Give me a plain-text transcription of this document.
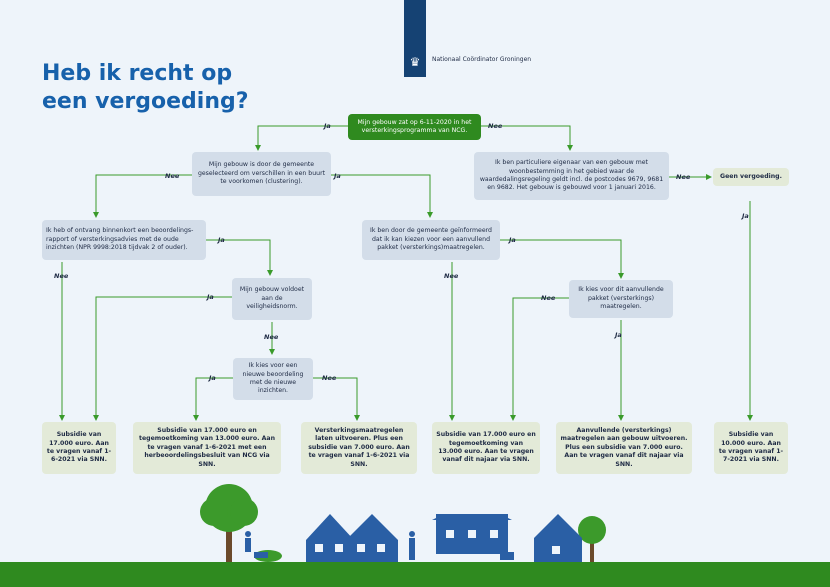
♛	Nationaal Coördinator Groningen
Heb ik recht op
een vergoeding?
Mijn gebouw zat op 6-11-2020 in het versterkingsprogramma van NCG.
Mijn gebouw is door de gemeente geselecteerd om verschillen in een buurt te voorkomen (clustering).
Ik ben particuliere eigenaar van een gebouw met woonbestemming in het gebied waar de waardedalingsregeling geldt incl. de postcodes 9679, 9681 en 9682. Het gebouw is gebouwd voor 1 januari 2016.
Ik heb of ontvang binnenkort een beoordelings-rapport of versterkingsadvies met de oude inzichten (NPR 9998:2018 tijdvak 2 of ouder).
Ik ben door de gemeente geïnformeerd dat ik kan kiezen voor een aanvullend pakket (versterkings)maatregelen.
Mijn gebouw voldoet aan de veiligheidsnorm.
Ik kies voor dit aanvullende pakket (versterkings) maatregelen.
Ik kies voor een nieuwe beoordeling met de nieuwe inzichten.
Geen vergoeding.
Subsidie van 17.000 euro. Aan te vragen vanaf 1-6-2021 via SNN.
Subsidie van 17.000 euro en tegemoetkoming van 13.000 euro. Aan te vragen vanaf 1-6-2021 met een herbeoordelingsbesluit van NCG via SNN.
Versterkingsmaatregelen laten uitvoeren. Plus een subsidie van 7.000 euro. Aan te vragen vanaf 1-6-2021 via SNN.
Subsidie van 17.000 euro en tegemoetkoming van 13.000 euro. Aan te vragen vanaf dit najaar via SNN.
Aanvullende (versterkings) maatregelen aan gebouw uitvoeren. Plus een subsidie van 7.000 euro. Aan te vragen vanaf dit najaar via SNN.
Subsidie van 10.000 euro. Aan te vragen vanaf 1-7-2021 via SNN.
Ja	Nee
Nee	Ja	Nee
Ja
Nee
Ja
Ja
Nee
Ja	Nee
Nee
Ja
Nee
Ja
